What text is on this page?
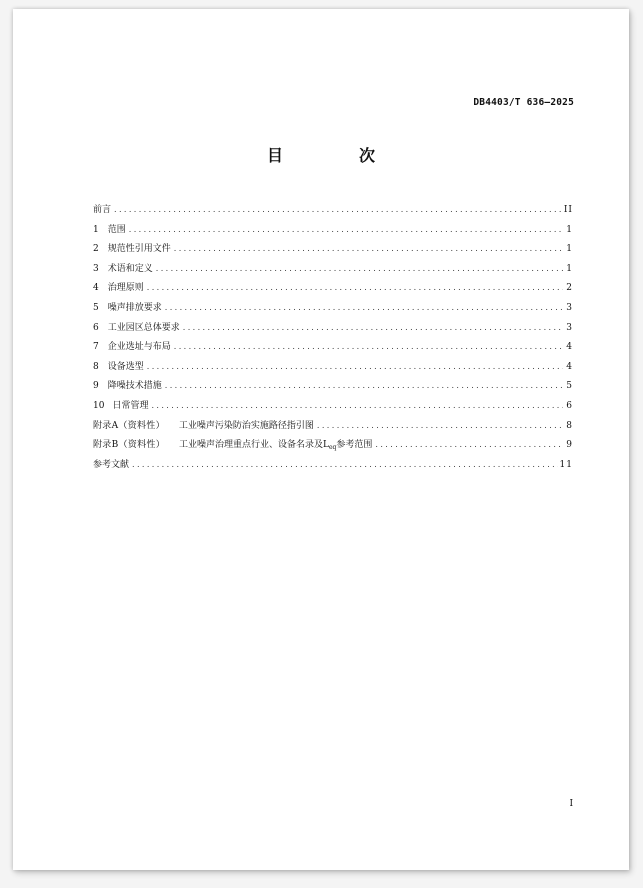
DB4403/T 636—2025
目　次
前言 .....	II
1 范围 .....	1
2 规范性引用文件 .....	1
3 术语和定义 .....	1
4 治理原则 .....	2
5 噪声排放要求 .....	3
6 工业园区总体要求 .....	3
7 企业选址与布局 .....	4
8 设备选型 .....	4
9 降噪技术措施 .....	5
10 日常管理 .....	6
附录A（资料性） 工业噪声污染防治实施路径指引图 .....	8
附录B（资料性） 工业噪声治理重点行业、设备名录及$L_{eq}$参考范围 .....	9
参考文献 .....	11
I
